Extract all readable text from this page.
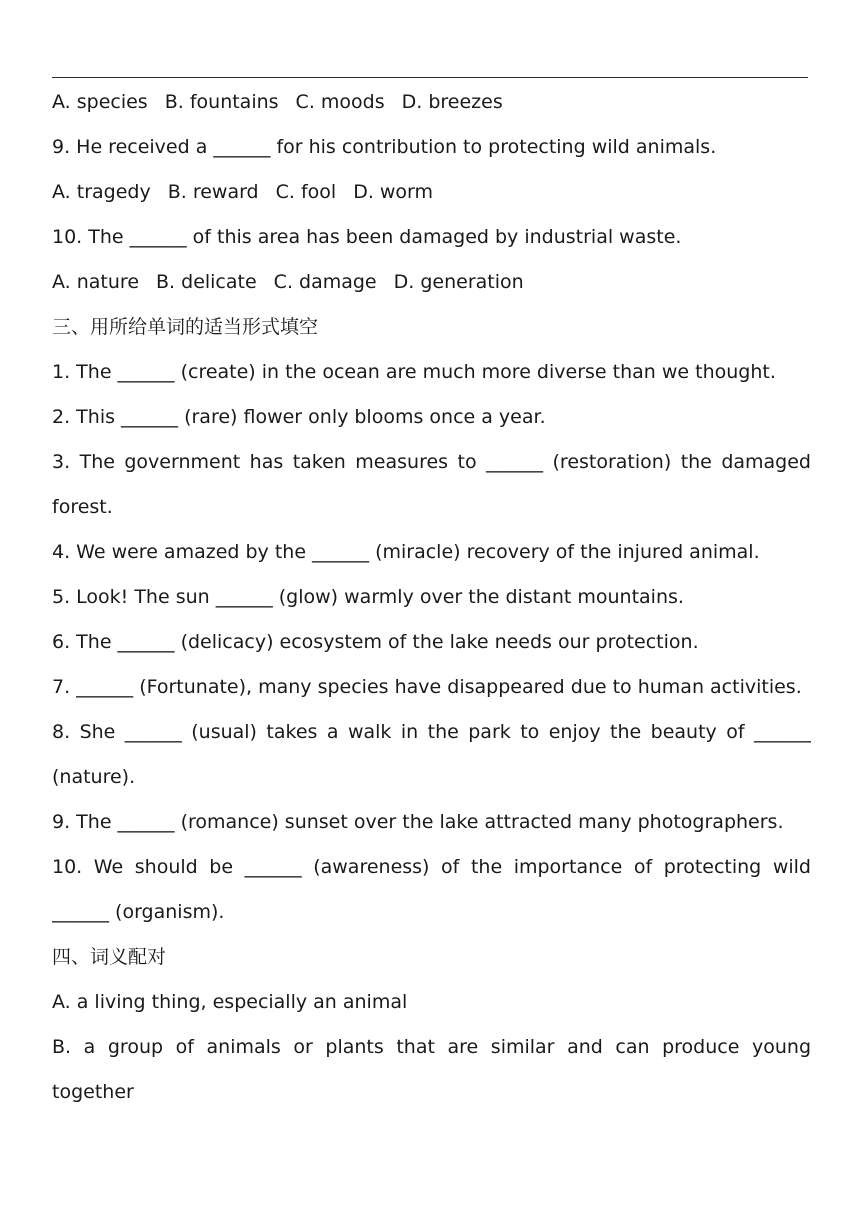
A. species B. fountains C. moods D. breezes
9. He received a ______ for his contribution to protecting wild animals.
A. tragedy B. reward C. fool D. worm
10. The ______ of this area has been damaged by industrial waste.
A. nature B. delicate C. damage D. generation
三、用所给单词的适当形式填空
1. The ______ (create) in the ocean are much more diverse than we thought.
2. This ______ (rare) flower only blooms once a year.
3. The government has taken measures to ______ (restoration) the damaged
forest.
4. We were amazed by the ______ (miracle) recovery of the injured animal.
5. Look! The sun ______ (glow) warmly over the distant mountains.
6. The ______ (delicacy) ecosystem of the lake needs our protection.
7. ______ (Fortunate), many species have disappeared due to human activities.
8. She ______ (usual) takes a walk in the park to enjoy the beauty of ______
(nature).
9. The ______ (romance) sunset over the lake attracted many photographers.
10. We should be ______ (awareness) of the importance of protecting wild
______ (organism).
四、词义配对
A. a living thing, especially an animal
B. a group of animals or plants that are similar and can produce young
together
